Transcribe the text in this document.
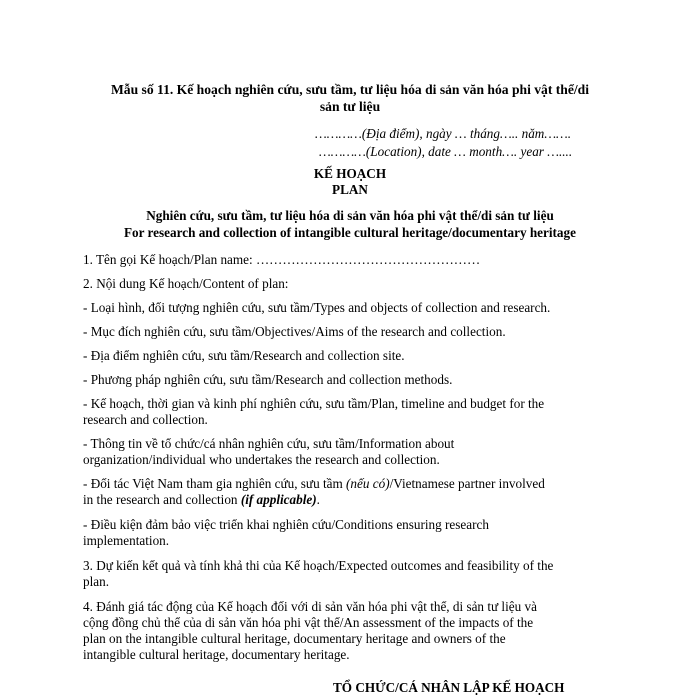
Mẫu số 11. Kế hoạch nghiên cứu, sưu tầm, tư liệu hóa di sản văn hóa phi vật thể/di
sản tư liệu
…………(Địa điểm), ngày … tháng….. năm…….
…………(Location), date … month…. year …....
KẾ HOẠCH
PLAN
Nghiên cứu, sưu tầm, tư liệu hóa di sản văn hóa phi vật thể/di sản tư liệu
For research and collection of intangible cultural heritage/documentary heritage
1. Tên gọi Kế hoạch/Plan name: ……………………………………………
2. Nội dung Kế hoạch/Content of plan:
- Loại hình, đối tượng nghiên cứu, sưu tầm/Types and objects of collection and research.
- Mục đích nghiên cứu, sưu tầm/Objectives/Aims of the research and collection.
- Địa điểm nghiên cứu, sưu tầm/Research and collection site.
- Phương pháp nghiên cứu, sưu tầm/Research and collection methods.
- Kế hoạch, thời gian và kinh phí nghiên cứu, sưu tầm/Plan, timeline and budget for the
research and collection.
- Thông tin về tổ chức/cá nhân nghiên cứu, sưu tầm/Information about
organization/individual who undertakes the research and collection.
- Đối tác Việt Nam tham gia nghiên cứu, sưu tầm (nếu có)/Vietnamese partner involved
in the research and collection (if applicable).
- Điều kiện đảm bảo việc triển khai nghiên cứu/Conditions ensuring research
implementation.
3. Dự kiến kết quả và tính khả thi của Kế hoạch/Expected outcomes and feasibility of the
plan.
4. Đánh giá tác động của Kế hoạch đối với di sản văn hóa phi vật thể, di sản tư liệu và
cộng đồng chủ thể của di sản văn hóa phi vật thể/An assessment of the impacts of the
plan on the intangible cultural heritage, documentary heritage and owners of the
intangible cultural heritage, documentary heritage.
TỔ CHỨC/CÁ NHÂN LẬP KẾ HOẠCH
